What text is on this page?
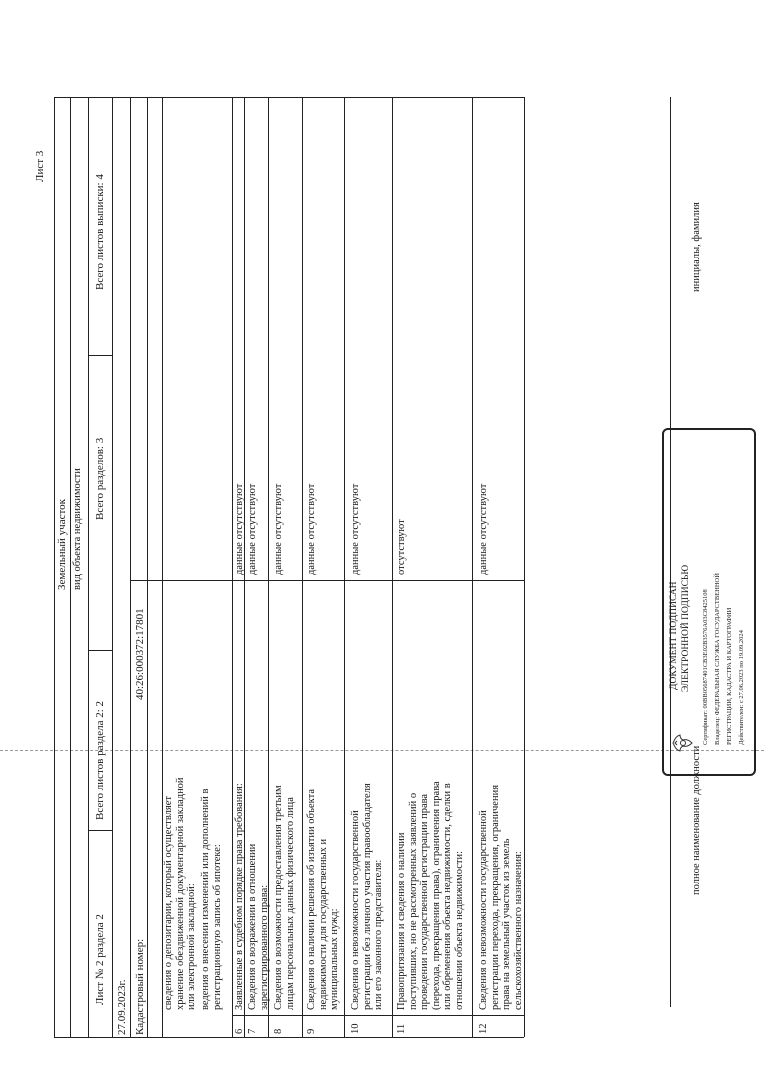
Лист 3
Земельный участок вид объекта недвижимости
Лист № 2 раздела 2
Всего листов раздела 2: 2
Всего разделов: 3
Всего листов выписки: 4
27.09.2023г. Кадастровый номер:
40:26:000372:17801
сведения о депозитарии, который осуществляет хранение обездвиженной документарной закладной или электронной закладной: ведения о внесении изменений или дополнений в регистрационную запись об ипотеке:
6
Заявленные в судебном порядке права требования:
данные отсутствуют
7
Сведения о возражении в отношении зарегистрированного права:
данные отсутствуют
8
Сведения о возможности предоставления третьим лицам персональных данных физического лица
данные отсутствуют
9
Сведения о наличии решения об изъятии объекта недвижимости для государственных и муниципальных нужд:
данные отсутствуют
10
Сведения о невозможности государственной регистрации без личного участия правообладателя или его законного представителя:
данные отсутствуют
11
Правопритязания и сведения о наличии поступивших, но не рассмотренных заявлений о проведении государственной регистрации права (перехода, прекращения права), ограничения права или обременения объекта недвижимости, сделки в отношении объекта недвижимости:
отсутствуют
12
Сведения о невозможности государственной регистрации перехода, прекращения, ограничения права на земельный участок из земель сельскохозяйственного назначения:
данные отсутствуют
полное наименование должности
инициалы, фамилия
ДОКУМЕНТ ПОДПИСАН ЭЛЕКТРОННОЙ ПОДПИСЬЮ Сертификат: 00BB05687401CB3E02B3576A03C8425108 Владелец: ФЕДЕРАЛЬНАЯ СЛУЖБА ГОСУДАРСТВЕННОЙ РЕГИСТРАЦИИ, КАДАСТРА И КАРТОГРАФИИ Действителен: с 27.06.2023 по 19.09.2024
